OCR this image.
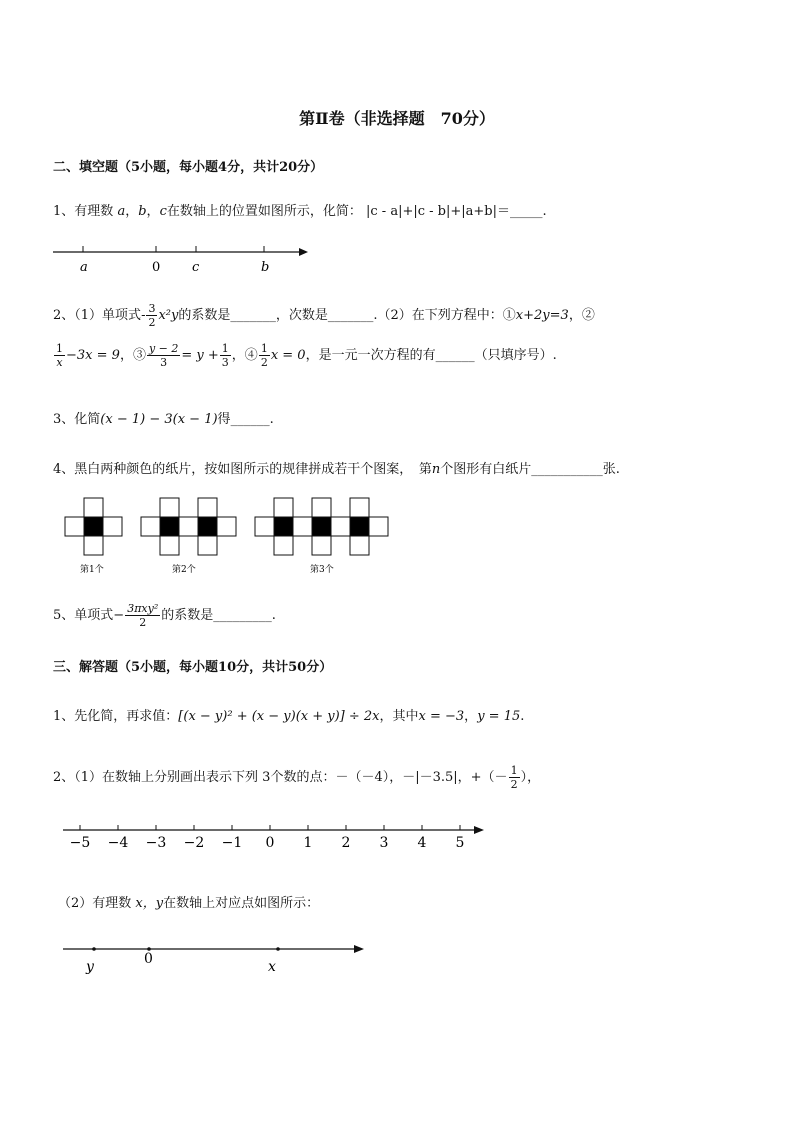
第Ⅱ卷（非选择题　70分）
二、填空题（5小题，每小题4分，共计20分）
1、有理数 a，b，c在数轴上的位置如图所示，化简： |c - a|+|c - b|+|a+b|＝_____.
a	0 c	b
2、（1）单项式- $\frac{3}{2} x^2y$的系数是_______，次数是_______.（2）在下列方程中：①x+2y=3，②
$\frac{1}{x} -3x = 9$，③ $\frac{y - 2}{3} = y + \frac{1}{3}$ ，④ $\frac{1}{2}$ x = 0，是一元一次方程的有______（只填序号）.
3、化简(x − 1) − 3(x − 1)得______.
4、黑白两种颜色的纸片，按如图所示的规律拼成若干个图案，　 第n个图形有白纸片___________张.
第1个	第2个	第3个
5、单项式− $\frac{\text{3πxy²}}{2}$ 的系数是_________.
三、解答题（5小题，每小题10分，共计50分）
1、先化简，再求值：[(x − y)² + (x − y)(x + y)] ÷ 2x，其中x = −3，y = 15.
2、（1）在数轴上分别画出表示下列 3个数的点：－（－4），－|－3.5|，+（－ $\frac{1}{2}$ ），
−5 −4 −3 −2 −1 0 1 2 3 4 5
（2）有理数 x，y在数轴上对应点如图所示：
y	0	x
